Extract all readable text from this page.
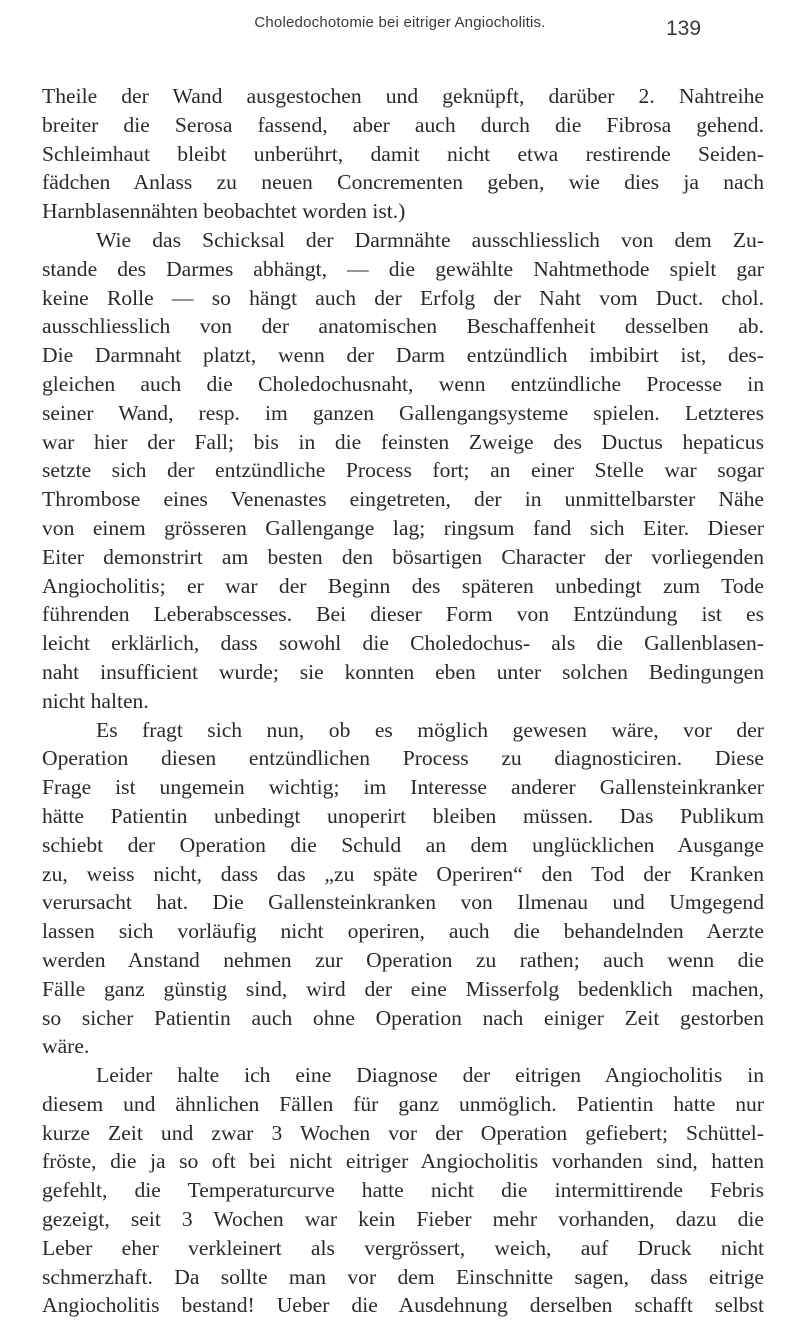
Choledochotomie bei eitriger Angiocholitis.	139
Theile der Wand ausgestochen und geknüpft, darüber 2. Nahtreihe
breiter die Serosa fassend, aber auch durch die Fibrosa gehend.
Schleimhaut bleibt unberührt, damit nicht etwa restirende Seiden-
fädchen Anlass zu neuen Concrementen geben, wie dies ja nach
Harnblasennähten beobachtet worden ist.)
Wie das Schicksal der Darmnähte ausschliesslich von dem Zu-
stande des Darmes abhängt, — die gewählte Nahtmethode spielt gar
keine Rolle — so hängt auch der Erfolg der Naht vom Duct. chol.
ausschliesslich von der anatomischen Beschaffenheit desselben ab.
Die Darmnaht platzt, wenn der Darm entzündlich imbibirt ist, des-
gleichen auch die Choledochusnaht, wenn entzündliche Processe in
seiner Wand, resp. im ganzen Gallengangsysteme spielen. Letzteres
war hier der Fall; bis in die feinsten Zweige des Ductus hepaticus
setzte sich der entzündliche Process fort; an einer Stelle war sogar
Thrombose eines Venenastes eingetreten, der in unmittelbarster Nähe
von einem grösseren Gallengange lag; ringsum fand sich Eiter. Dieser
Eiter demonstrirt am besten den bösartigen Character der vorliegenden
Angiocholitis; er war der Beginn des späteren unbedingt zum Tode
führenden Leberabscesses. Bei dieser Form von Entzündung ist es
leicht erklärlich, dass sowohl die Choledochus- als die Gallenblasen-
naht insufficient wurde; sie konnten eben unter solchen Bedingungen
nicht halten.
Es fragt sich nun, ob es möglich gewesen wäre, vor der
Operation diesen entzündlichen Process zu diagnosticiren. Diese
Frage ist ungemein wichtig; im Interesse anderer Gallensteinkranker
hätte Patientin unbedingt unoperirt bleiben müssen. Das Publikum
schiebt der Operation die Schuld an dem unglücklichen Ausgange
zu, weiss nicht, dass das „zu späte Operiren“ den Tod der Kranken
verursacht hat. Die Gallensteinkranken von Ilmenau und Umgegend
lassen sich vorläufig nicht operiren, auch die behandelnden Aerzte
werden Anstand nehmen zur Operation zu rathen; auch wenn die
Fälle ganz günstig sind, wird der eine Misserfolg bedenklich machen,
so sicher Patientin auch ohne Operation nach einiger Zeit gestorben
wäre.
Leider halte ich eine Diagnose der eitrigen Angiocholitis in
diesem und ähnlichen Fällen für ganz unmöglich. Patientin hatte nur
kurze Zeit und zwar 3 Wochen vor der Operation gefiebert; Schüttel-
fröste, die ja so oft bei nicht eitriger Angiocholitis vorhanden sind, hatten
gefehlt, die Temperaturcurve hatte nicht die intermittirende Febris
gezeigt, seit 3 Wochen war kein Fieber mehr vorhanden, dazu die
Leber eher verkleinert als vergrössert, weich, auf Druck nicht
schmerzhaft. Da sollte man vor dem Einschnitte sagen, dass eitrige
Angiocholitis bestand! Ueber die Ausdehnung derselben schafft selbst
